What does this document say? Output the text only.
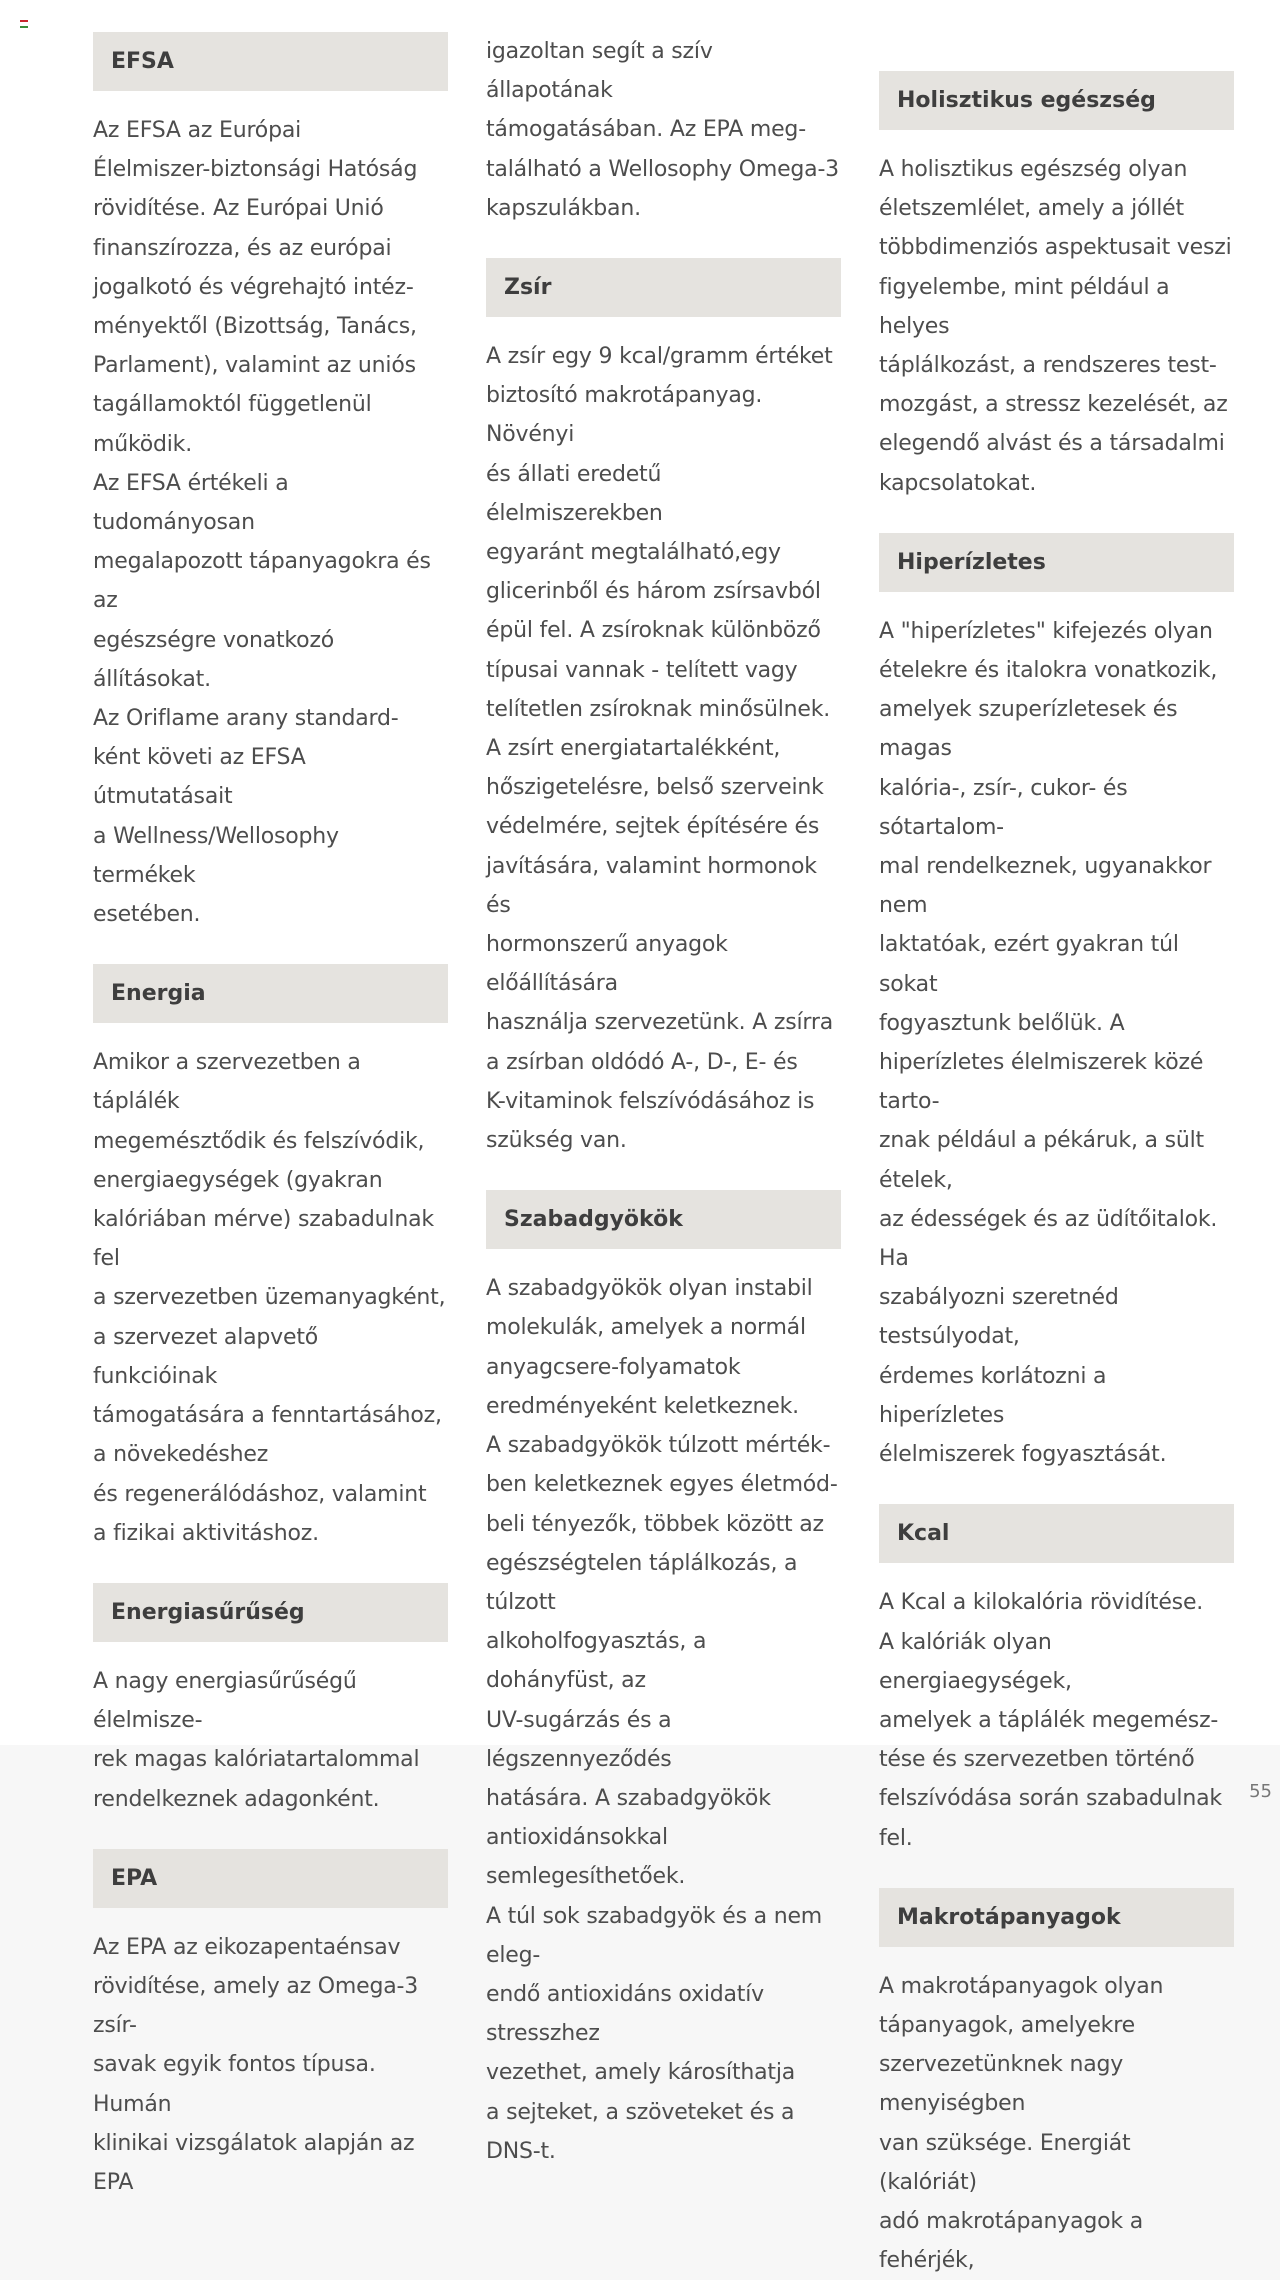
EFSA
Az EFSA az Európai
Élelmiszer-biztonsági Hatóság
rövidítése. Az Európai Unió
finanszírozza, és az európai
jogalkotó és végrehajtó intéz-
ményektől (Bizottság, Tanács,
Parlament), valamint az uniós
tagállamoktól függetlenül működik.
Az EFSA értékeli a tudományosan
megalapozott tápanyagokra és az
egészségre vonatkozó állításokat.
Az Oriflame arany standard-
ként követi az EFSA útmutatásait
a Wellness/Wellosophy termékek
esetében.
Energia
Amikor a szervezetben a táplálék
megemésztődik és felszívódik,
energiaegységek (gyakran
kalóriában mérve) szabadulnak fel
a szervezetben üzemanyagként,
a szervezet alapvető funkcióinak
támogatására a fenntartásához,
a növekedéshez
és regenerálódáshoz, valamint
a fizikai aktivitáshoz.
Energiasűrűség
A nagy energiasűrűségű élelmisze-
rek magas kalóriatartalommal
rendelkeznek adagonként.
EPA
Az EPA az eikozapentaénsav
rövidítése, amely az Omega-3 zsír-
savak egyik fontos típusa. Humán
klinikai vizsgálatok alapján az EPA
igazoltan segít a szív állapotának
támogatásában. Az EPA meg-
található a Wellosophy Omega-3
kapszulákban.
Zsír
A zsír egy 9 kcal/gramm értéket
biztosító makrotápanyag. Növényi
és állati eredetű élelmiszerekben
egyaránt megtalálható,egy
glicerinből és három zsírsavból
épül fel. A zsíroknak különböző
típusai vannak - telített vagy
telítetlen zsíroknak minősülnek.
A zsírt energiatartalékként,
hőszigetelésre, belső szerveink
védelmére, sejtek építésére és
javítására, valamint hormonok és
hormonszerű anyagok előállítására
használja szervezetünk. A zsírra
a zsírban oldódó A-, D-, E- és
K-vitaminok felszívódásához is
szükség van.
Szabadgyökök
A szabadgyökök olyan instabil
molekulák, amelyek a normál
anyagcsere-folyamatok
eredményeként keletkeznek.
A szabadgyökök túlzott mérték-
ben keletkeznek egyes életmód-
beli tényezők, többek között az
egészségtelen táplálkozás, a túlzott
alkoholfogyasztás, a dohányfüst, az
UV-sugárzás és a légszennyeződés
hatására. A szabadgyökök
antioxidánsokkal semlegesíthetőek.
A túl sok szabadgyök és a nem eleg-
endő antioxidáns oxidatív stresszhez
vezethet, amely károsíthatja
a sejteket, a szöveteket és a DNS-t.
Holisztikus egészség
A holisztikus egészség olyan
életszemlélet, amely a jóllét
többdimenziós aspektusait veszi
figyelembe, mint például a helyes
táplálkozást, a rendszeres test-
mozgást, a stressz kezelését, az
elegendő alvást és a társadalmi
kapcsolatokat.
Hiperízletes
A "hiperízletes" kifejezés olyan
ételekre és italokra vonatkozik,
amelyek szuperízletesek és magas
kalória-, zsír-, cukor- és sótartalom-
mal rendelkeznek, ugyanakkor nem
laktatóak, ezért gyakran túl sokat
fogyasztunk belőlük. A
hiperízletes élelmiszerek közé tarto-
znak például a pékáruk, a sült ételek,
az édességek és az üdítőitalok. Ha
szabályozni szeretnéd testsúlyodat,
érdemes korlátozni a hiperízletes
élelmiszerek fogyasztását.
Kcal
A Kcal a kilokalória rövidítése.
A kalóriák olyan energiaegységek,
amelyek a táplálék megemész-
tése és szervezetben történő
felszívódása során szabadulnak fel.
Makrotápanyagok
A makrotápanyagok olyan
tápanyagok, amelyekre
szervezetünknek nagy menyiségben
van szüksége. Energiát (kalóriát)
adó makrotápanyagok a fehérjék,
55
